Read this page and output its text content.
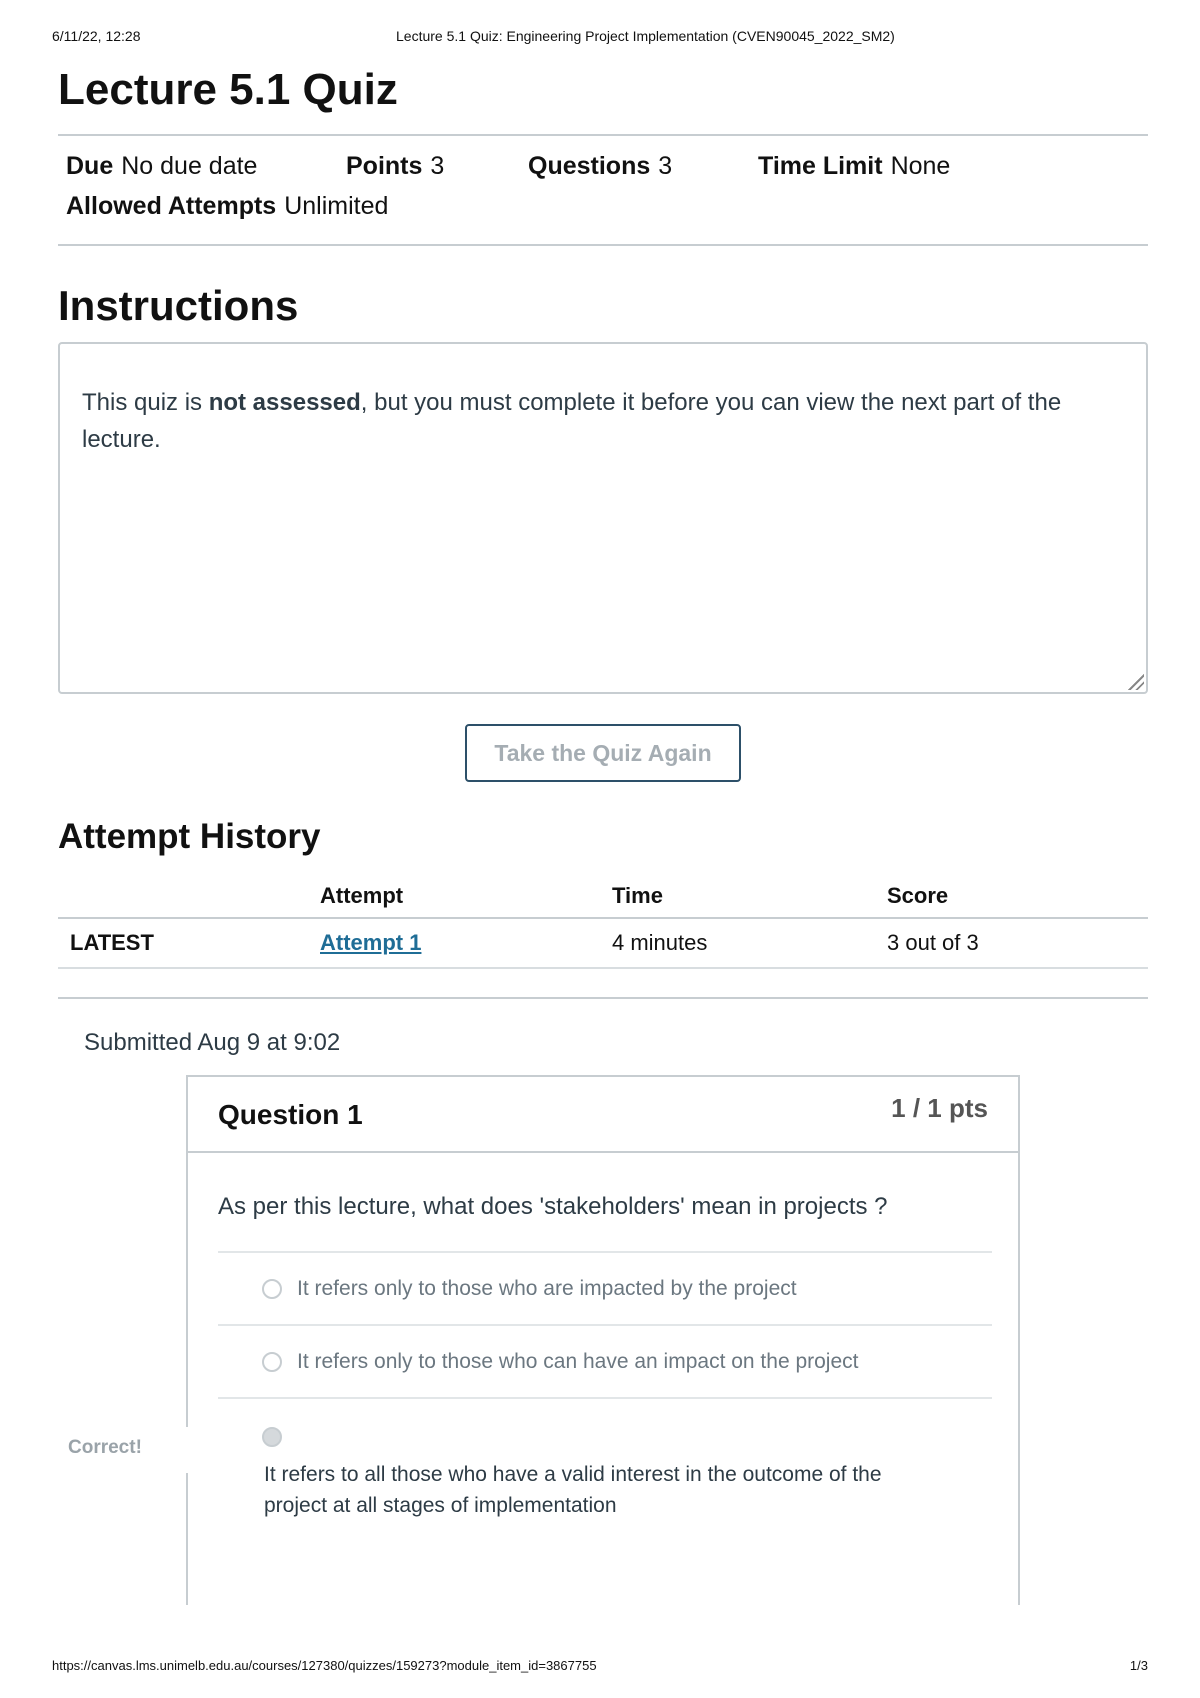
6/11/22, 12:28	Lecture 5.1 Quiz: Engineering Project Implementation (CVEN90045_2022_SM2)
Lecture 5.1 Quiz
Due No due date	Points 3	Questions 3	Time Limit None
Allowed Attempts Unlimited
Instructions
This quiz is not assessed, but you must complete it before you can view the next part of the lecture.
Take the Quiz Again
Attempt History
	Attempt	Time	Score
LATEST	Attempt 1	4 minutes	3 out of 3
Submitted Aug 9 at 9:02
Correct!
Question 1	1 / 1 pts
As per this lecture, what does 'stakeholders' mean in projects ?
It refers only to those who are impacted by the project
It refers only to those who can have an impact on the project
It refers to all those who have a valid interest in the outcome of the project at all stages of implementation
https://canvas.lms.unimelb.edu.au/courses/127380/quizzes/159273?module_item_id=3867755	1/3
